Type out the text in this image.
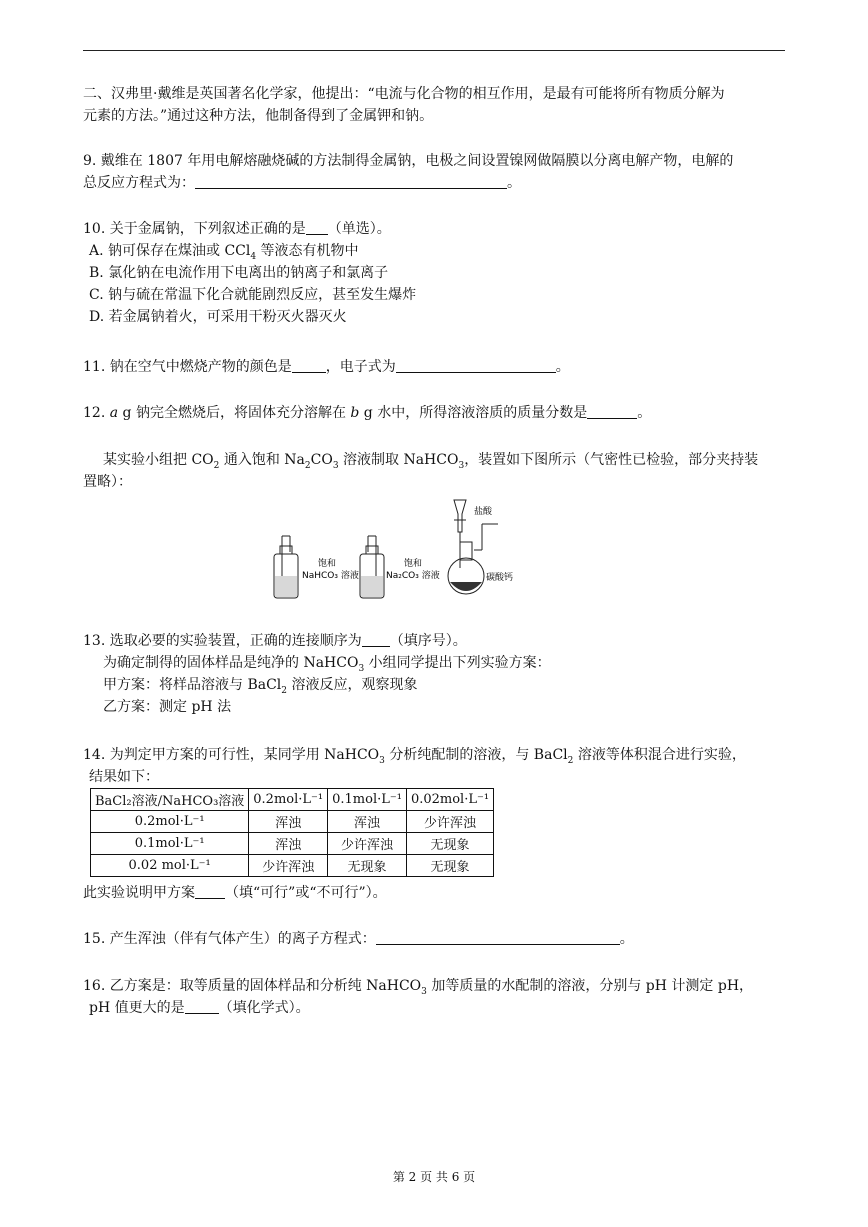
二、汉弗里·戴维是英国著名化学家，他提出：“电流与化合物的相互作用，是最有可能将所有物质分解为
元素的方法。”通过这种方法，他制备得到了金属钾和钠。

9. 戴维在 1807 年用电解熔融烧碱的方法制得金属钠，电极之间设置镍网做隔膜以分离电解产物，电解的
总反应方程式为：	。

10. 关于金属钠，下列叙述正确的是 （单选）。
A. 钠可保存在煤油或 CCl$_4$ 等液态有机物中
B. 氯化钠在电流作用下电离出的钠离子和氯离子
C. 钠与硫在常温下化合就能剧烈反应，甚至发生爆炸
D. 若金属钠着火，可采用干粉灭火器灭火

11. 钠在空气中燃烧产物的颜色是 ，电子式为	。

12. a g 钠完全燃烧后，将固体充分溶解在 b g 水中，所得溶液溶质的质量分数是	。

某实验小组把 $CO_2$ 通入饱和 $Na_2CO_3$ 溶液制取 NaHCO$_3$，装置如下图所示（气密性已检验，部分夹持装
置略）：

饱和
NaHCO₃ 溶液
饱和
Na₂CO₃ 溶液
盐酸
碳酸钙

13. 选取必要的实验装置，正确的连接顺序为 （填序号）。
为确定制得的固体样品是纯净的 NaHCO$_3$ 小组同学提出下列实验方案：
甲方案：将样品溶液与 BaCl$_2$ 溶液反应，观察现象
乙方案：测定 pH 法

14. 为判定甲方案的可行性，某同学用 NaHCO$_3$ 分析纯配制的溶液，与 BaCl$_2$ 溶液等体积混合进行实验，
结果如下：

BaCl₂溶液/NaHCO₃溶液	0.2mol·L⁻¹	0.1mol·L⁻¹	0.02mol·L⁻¹
0.2mol·L⁻¹	浑浊	浑浊	少许浑浊
0.1mol·L⁻¹	浑浊	少许浑浊	无现象
0.02 mol·L⁻¹	少许浑浊	无现象	无现象

此实验说明甲方案 （填“可行”或“不可行”）。

15. 产生浑浊（伴有气体产生）的离子方程式：	。

16. 乙方案是：取等质量的固体样品和分析纯 NaHCO$_3$ 加等质量的水配制的溶液，分别与 pH 计测定 pH，
pH 值更大的是 （填化学式）。

第 2 页 共 6 页
